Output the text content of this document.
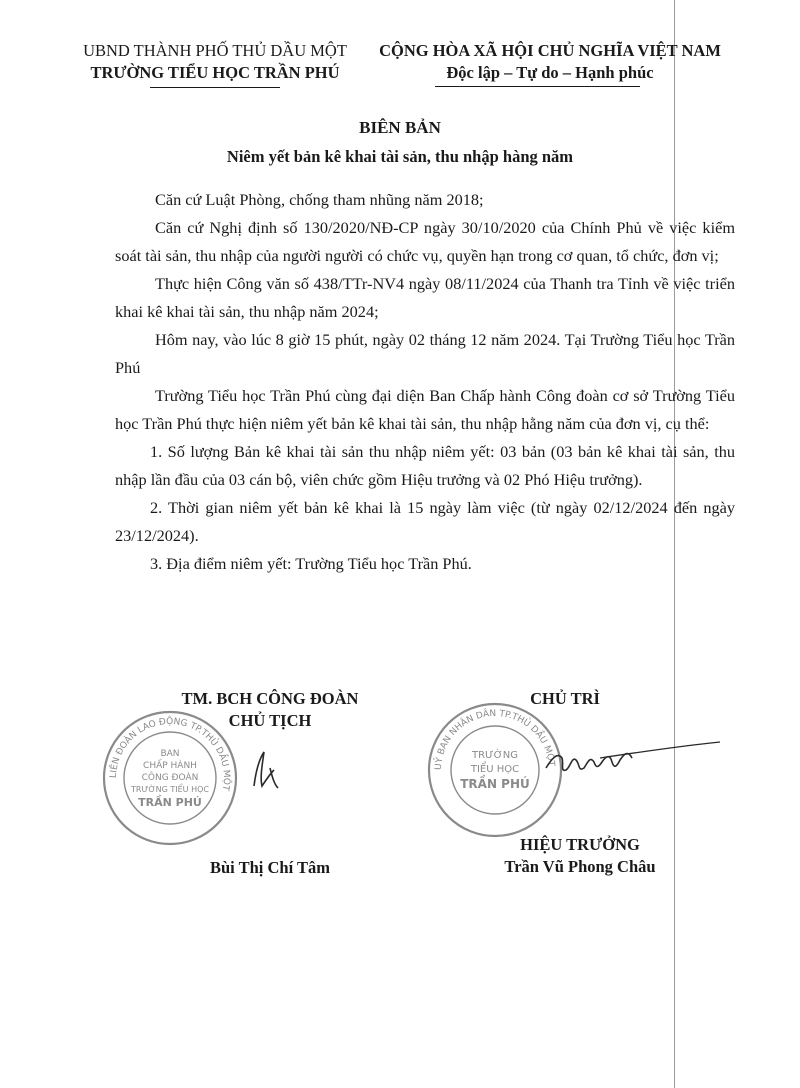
UBND THÀNH PHỐ THỦ DẦU MỘT
TRƯỜNG TIỂU HỌC TRẦN PHÚ
CỘNG HÒA XÃ HỘI CHỦ NGHĨA VIỆT NAM
Độc lập – Tự do – Hạnh phúc
BIÊN BẢN
Niêm yết bản kê khai tài sản, thu nhập hàng năm

Căn cứ Luật Phòng, chống tham nhũng năm 2018;

Căn cứ Nghị định số 130/2020/NĐ-CP ngày 30/10/2020 của Chính Phủ về việc kiểm soát tài sản, thu nhập của người người có chức vụ, quyền hạn trong cơ quan, tổ chức, đơn vị;

Thực hiện Công văn số 438/TTr-NV4 ngày 08/11/2024 của Thanh tra Tỉnh về việc triển khai kê khai tài sản, thu nhập năm 2024;

Hôm nay, vào lúc 8 giờ 15 phút, ngày 02 tháng 12 năm 2024. Tại Trường Tiểu học Trần Phú

Trường Tiểu học Trần Phú cùng đại diện Ban Chấp hành Công đoàn cơ sở Trường Tiểu học Trần Phú thực hiện niêm yết bản kê khai tài sản, thu nhập hằng năm của đơn vị, cụ thể:

1. Số lượng Bản kê khai tài sản thu nhập niêm yết: 03 bản (03 bản kê khai tài sản, thu nhập lần đầu của 03 cán bộ, viên chức gồm Hiệu trưởng và 02 Phó Hiệu trưởng).

2. Thời gian niêm yết bản kê khai là 15 ngày làm việc (từ ngày 02/12/2024 đến ngày 23/12/2024).

3. Địa điểm niêm yết: Trường Tiểu học Trần Phú.

TM. BCH CÔNG ĐOÀN
CHỦ TỊCH
LIÊN ĐOÀN LAO ĐỘNG TP.THỦ DẦU MỘT
BAN
CHẤP HÀNH
CÔNG ĐOÀN
TRƯỜNG TIỂU HỌC
TRẦN PHÚ
Bùi Thị Chí Tâm
CHỦ TRÌ
UỶ BAN NHÂN DÂN TP.THỦ DẦU MỘT
TRƯỜNG
TIỂU HỌC
TRẦN PHÚ
HIỆU TRƯỞNG
Trần Vũ Phong Châu
